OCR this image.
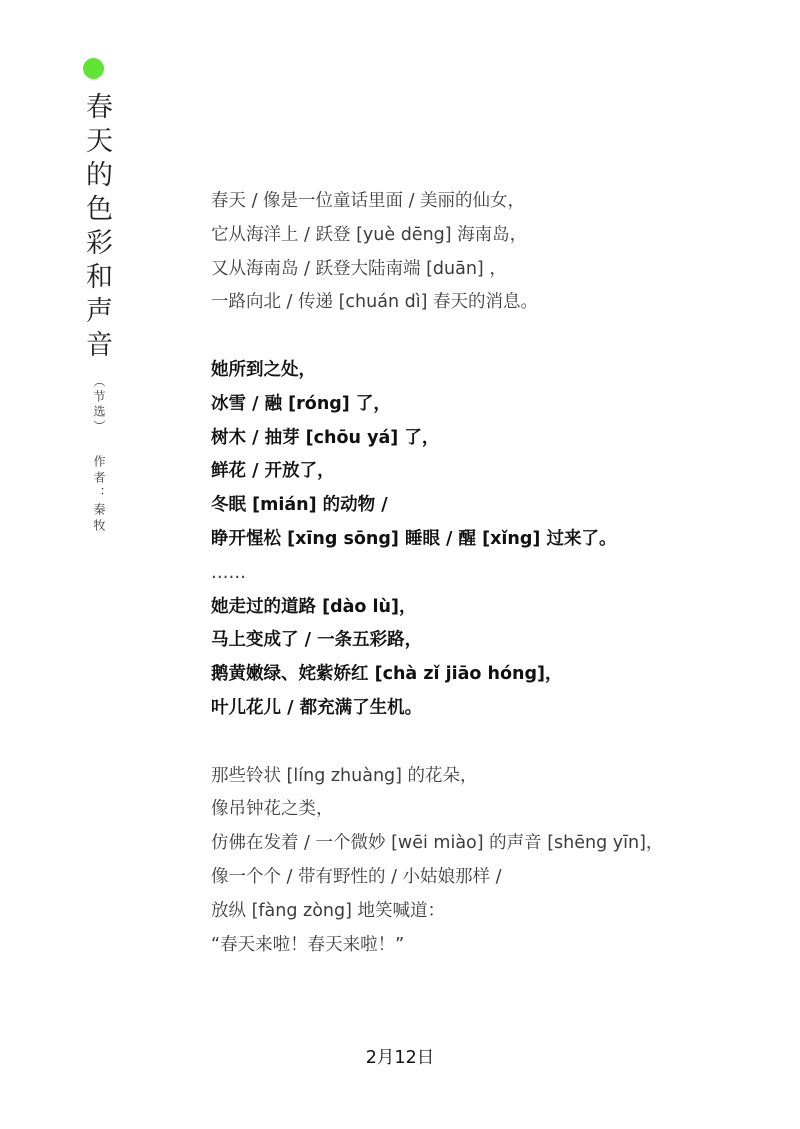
春天的色彩和声音
（节选）
作者：秦牧
春天 / 像是一位童话里面 / 美丽的仙女，
它从海洋上 / 跃登 [yuè dēng] 海南岛，
又从海南岛 / 跃登大陆南端 [duān] ，
一路向北 / 传递 [chuán dì] 春天的消息。
她所到之处，
冰雪 / 融 [róng] 了，
树木 / 抽芽 [chōu yá] 了，
鲜花 / 开放了，
冬眠 [mián] 的动物 /
睁开惺松 [xīng sōng] 睡眼 / 醒 [xǐng] 过来了。
……
她走过的道路 [dào lù]，
马上变成了 / 一条五彩路，
鹅黄嫩绿、姹紫娇红 [chà zǐ jiāo hóng]，
叶儿花儿 / 都充满了生机。
那些铃状 [líng zhuàng] 的花朵，
像吊钟花之类，
仿佛在发着 / 一个微妙 [wēi miào] 的声音 [shēng yīn]，
像一个个 / 带有野性的 / 小姑娘那样 /
放纵 [fàng zòng] 地笑喊道：
“春天来啦！春天来啦！”
2月12日
